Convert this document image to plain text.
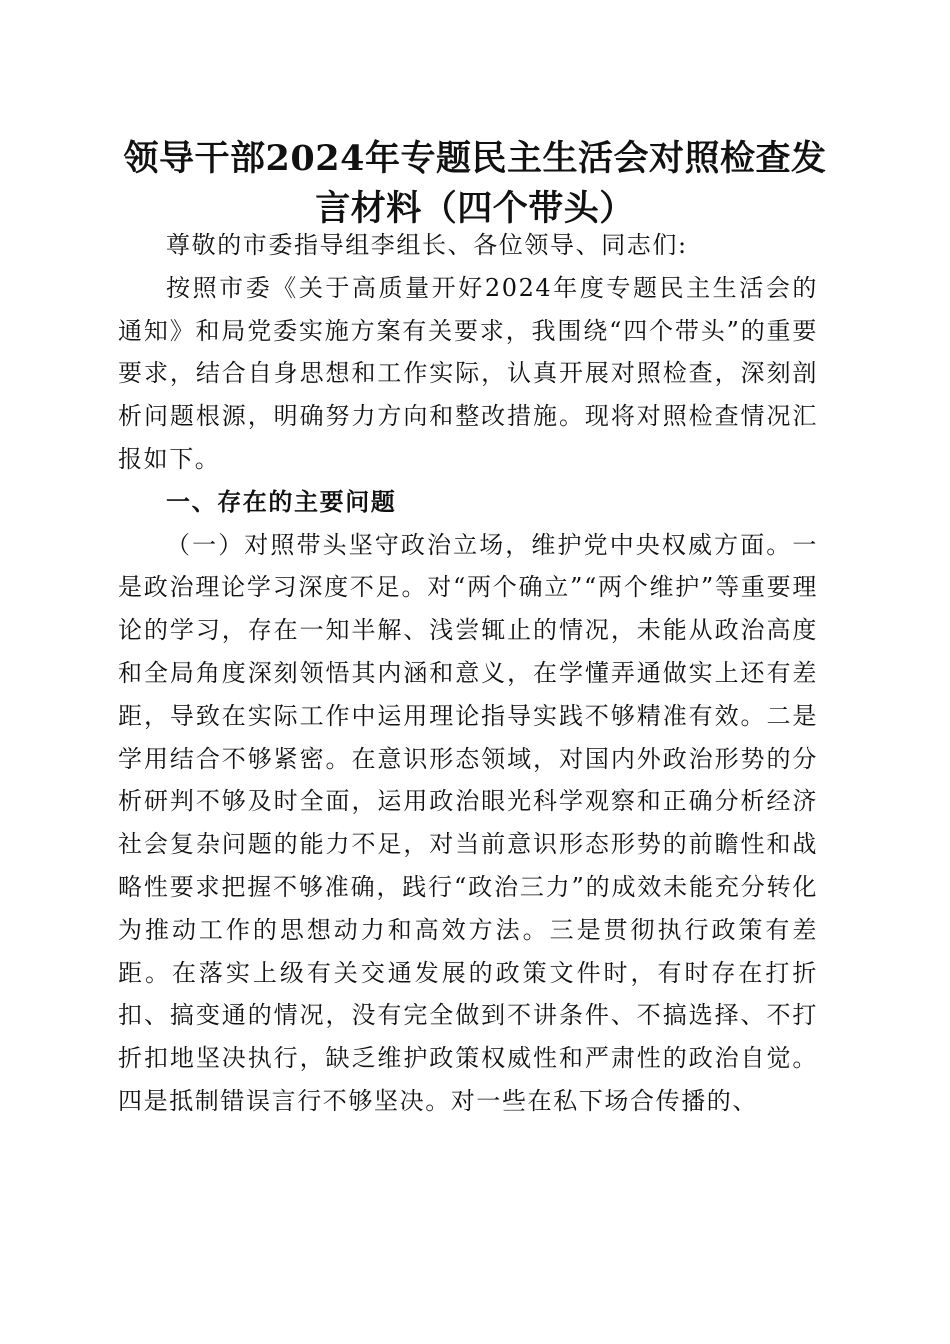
领导干部2024年专题民主生活会对照检查发言材料（四个带头）

尊敬的市委指导组李组长、各位领导、同志们:

按照市委《关于高质量开好2024年度专题民主生活会的通知》和局党委实施方案有关要求，我围绕“四个带头”的重要要求，结合自身思想和工作实际，认真开展对照检查，深刻剖析问题根源，明确努力方向和整改措施。现将对照检查情况汇报如下。

一、存在的主要问题

（一）对照带头坚守政治立场，维护党中央权威方面。一是政治理论学习深度不足。对“两个确立”“两个维护”等重要理论的学习，存在一知半解、浅尝辄止的情况，未能从政治高度和全局角度深刻领悟其内涵和意义，在学懂弄通做实上还有差距，导致在实际工作中运用理论指导实践不够精准有效。二是学用结合不够紧密。在意识形态领域，对国内外政治形势的分析研判不够及时全面，运用政治眼光科学观察和正确分析经济社会复杂问题的能力不足，对当前意识形态形势的前瞻性和战略性要求把握不够准确，践行“政治三力”的成效未能充分转化为推动工作的思想动力和高效方法。三是贯彻执行政策有差距。在落实上级有关交通发展的政策文件时，有时存在打折扣、搞变通的情况，没有完全做到不讲条件、不搞选择、不打折扣地坚决执行，缺乏维护政策权威性和严肃性的政治自觉。四是抵制错误言行不够坚决。对一些在私下场合传播的、
